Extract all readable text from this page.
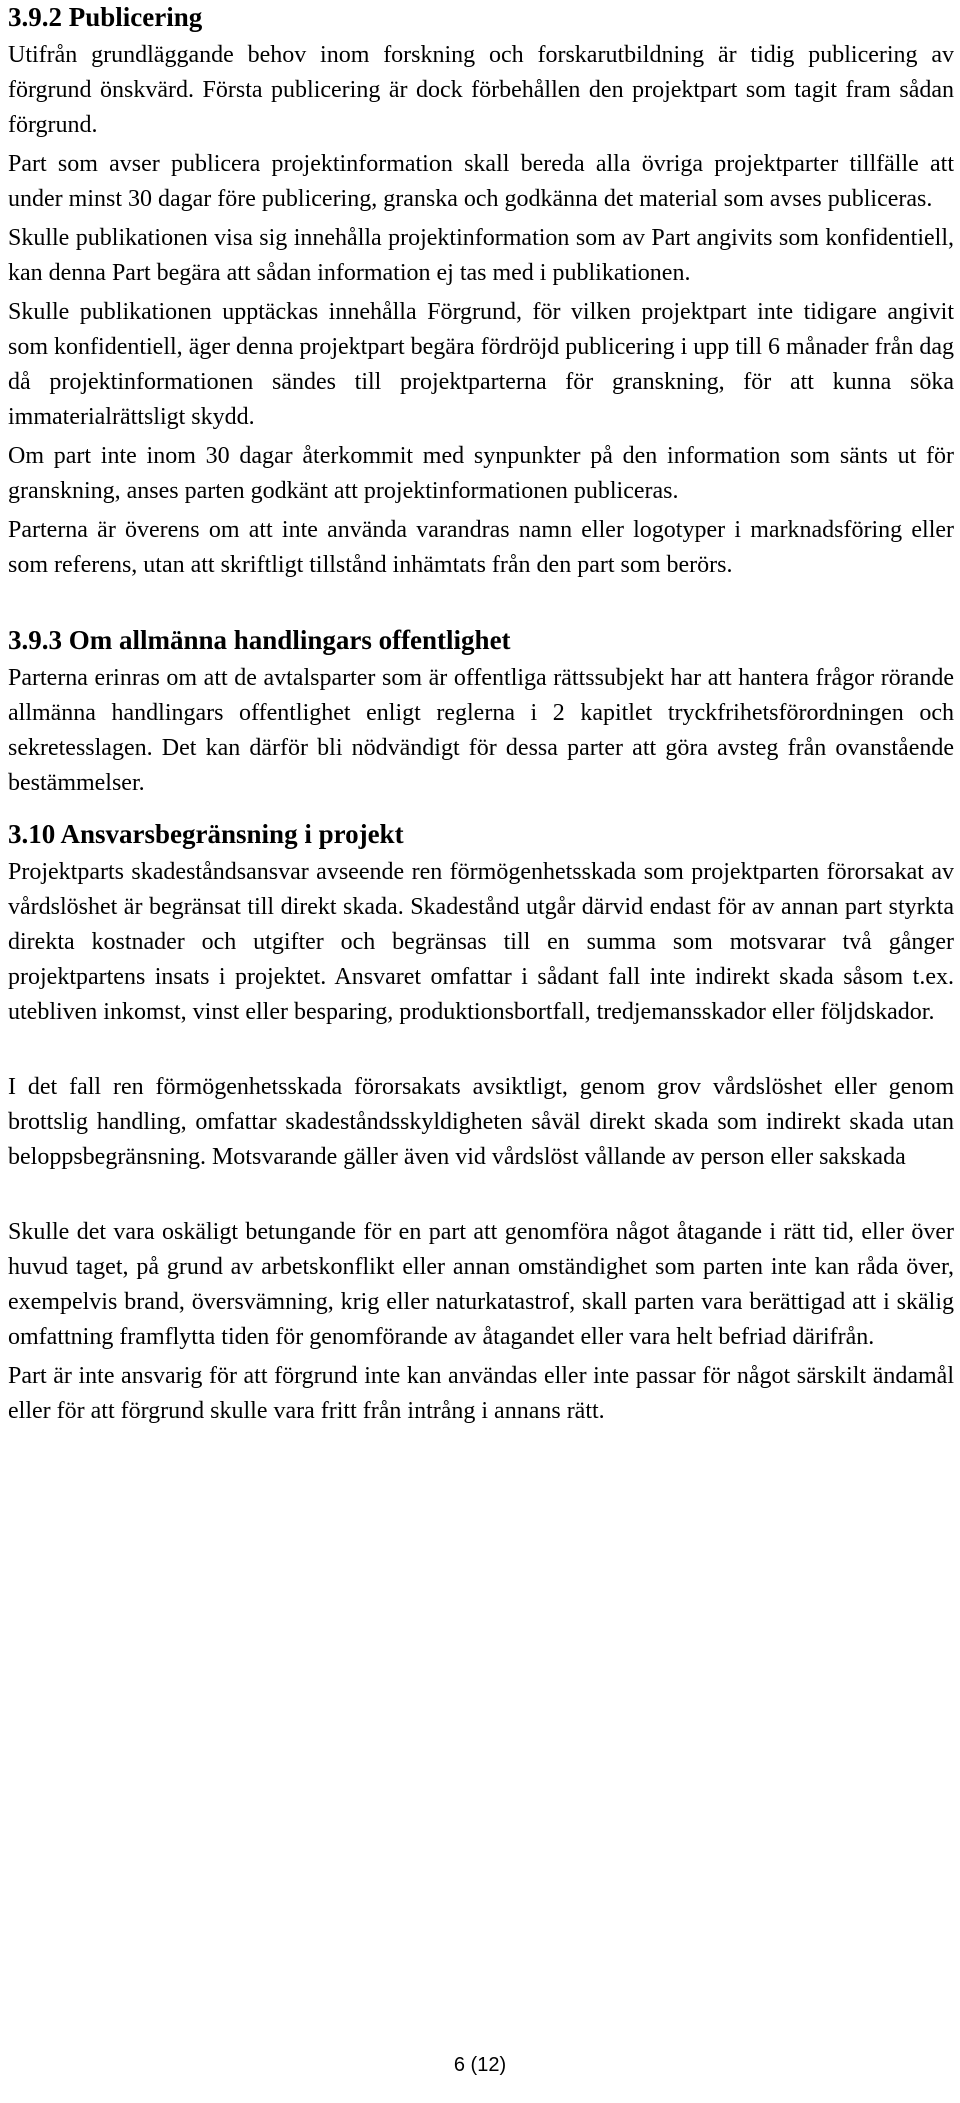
3.9.2 Publicering

Utifrån grundläggande behov inom forskning och forskarutbildning är tidig publicering av förgrund önskvärd. Första publicering är dock förbehållen den projektpart som tagit fram sådan förgrund.

Part som avser publicera projektinformation skall bereda alla övriga projektparter tillfälle att under minst 30 dagar före publicering, granska och godkänna det material som avses publiceras.

Skulle publikationen visa sig innehålla projektinformation som av Part angivits som konfidentiell, kan denna Part begära att sådan information ej tas med i publikationen.

Skulle publikationen upptäckas innehålla Förgrund, för vilken projektpart inte tidigare angivit som konfidentiell, äger denna projektpart begära fördröjd publicering i upp till 6 månader från dag då projektinformationen sändes till projektparterna för granskning, för att kunna söka immaterialrättsligt skydd.

Om part inte inom 30 dagar återkommit med synpunkter på den information som sänts ut för granskning, anses parten godkänt att projektinformationen publiceras.

Parterna är överens om att inte använda varandras namn eller logotyper i marknadsföring eller som referens, utan att skriftligt tillstånd inhämtats från den part som berörs.

3.9.3 Om allmänna handlingars offentlighet

Parterna erinras om att de avtalsparter som är offentliga rättssubjekt har att hantera frågor rörande allmänna handlingars offentlighet enligt reglerna i 2 kapitlet tryckfrihetsförordningen och sekretesslagen. Det kan därför bli nödvändigt för dessa parter att göra avsteg från ovanstående bestämmelser.

3.10 Ansvarsbegränsning i projekt

Projektparts skadeståndsansvar avseende ren förmögenhetsskada som projektparten förorsakat av vårdslöshet är begränsat till direkt skada. Skadestånd utgår därvid endast för av annan part styrkta direkta kostnader och utgifter och begränsas till en summa som motsvarar två gånger projektpartens insats i projektet. Ansvaret omfattar i sådant fall inte indirekt skada såsom t.ex. utebliven inkomst, vinst eller besparing, produktionsbortfall, tredjemansskador eller följdskador.

I det fall ren förmögenhetsskada förorsakats avsiktligt, genom grov vårdslöshet eller genom brottslig handling, omfattar skadeståndsskyldigheten såväl direkt skada som indirekt skada utan beloppsbegränsning. Motsvarande gäller även vid vårdslöst vållande av person eller sakskada

Skulle det vara oskäligt betungande för en part att genomföra något åtagande i rätt tid, eller över huvud taget, på grund av arbetskonflikt eller annan omständighet som parten inte kan råda över, exempelvis brand, översvämning, krig eller naturkatastrof, skall parten vara berättigad att i skälig omfattning framflytta tiden för genomförande av åtagandet eller vara helt befriad därifrån.

Part är inte ansvarig för att förgrund inte kan användas eller inte passar för något särskilt ändamål eller för att förgrund skulle vara fritt från intrång i annans rätt.

6 (12)
